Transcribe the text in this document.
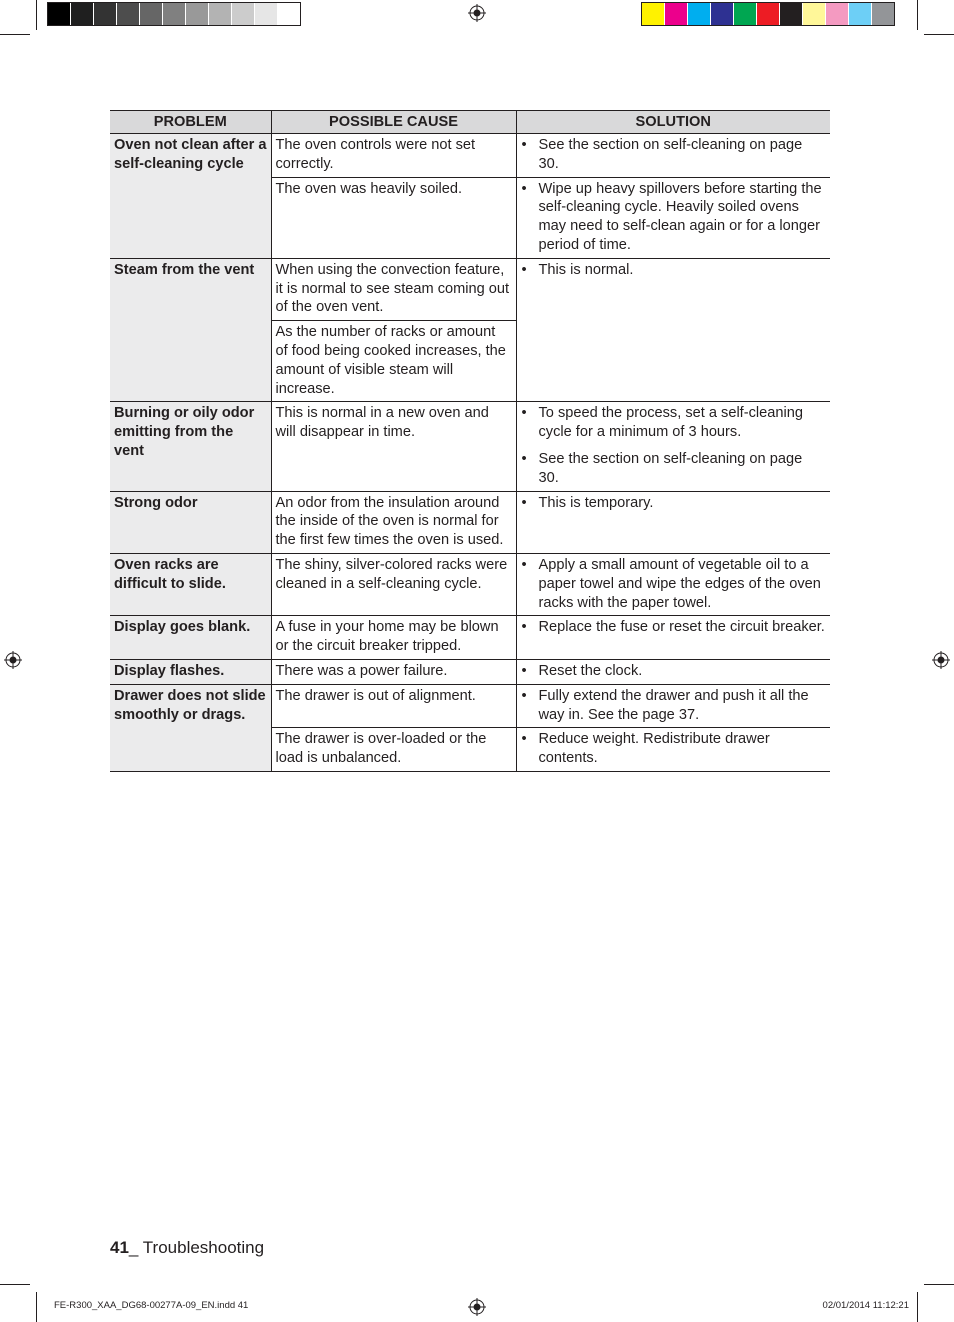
PROBLEM	POSSIBLE CAUSE	SOLUTION
Oven not clean after a self-cleaning cycle	The oven controls were not set correctly.	• See the section on self-cleaning on page 30.

	The oven was heavily soiled.	• Wipe up heavy spillovers before starting the self-cleaning cycle. Heavily soiled ovens may need to self-clean again or for a longer period of time.

Steam from the vent	When using the convection feature, it is normal to see steam coming out of the oven vent.	• This is normal.

	As the number of racks or amount of food being cooked increases, the amount of visible steam will increase.	
Burning or oily odor emitting from the vent	This is normal in a new oven and will disappear in time.	• To speed the process, set a self-cleaning cycle for a minimum of 3 hours.
• See the section on self-cleaning on page 30.

Strong odor	An odor from the insulation around the inside of the oven is normal for the first few times the oven is used.	• This is temporary.

Oven racks are difficult to slide.	The shiny, silver-colored racks were cleaned in a self-cleaning cycle.	• Apply a small amount of vegetable oil to a paper towel and wipe the edges of the oven racks with the paper towel.

Display goes blank.	A fuse in your home may be blown or the circuit breaker tripped.	• Replace the fuse or reset the circuit breaker.

Display flashes.	There was a power failure.	• Reset the clock.

Drawer does not slide smoothly or drags.	The drawer is out of alignment.	• Fully extend the drawer and push it all the way in. See the page 37.

	The drawer is over-loaded or the load is unbalanced.	• Reduce weight. Redistribute drawer contents.
41_ Troubleshooting
FE-R300_XAA_DG68-00277A-09_EN.indd 41	02/01/2014 11:12:21
